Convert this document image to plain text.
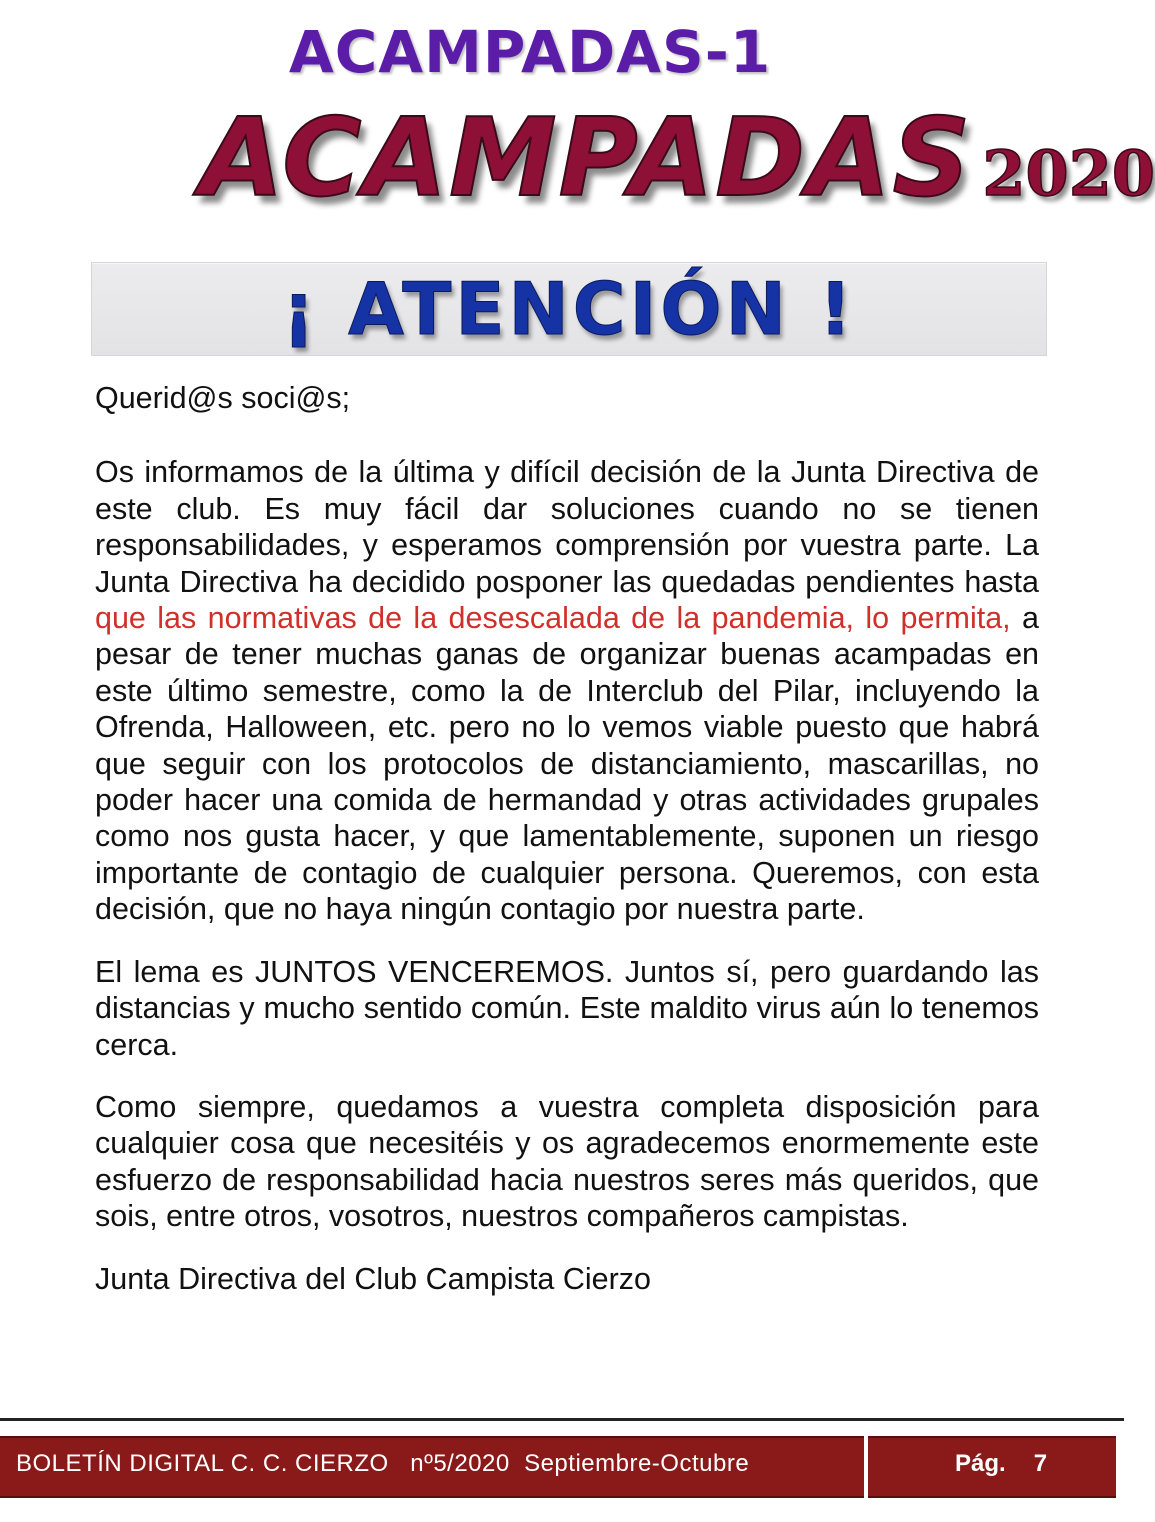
ACAMPADAS-1
ACAMPADAS 2020
¡ ATENCIÓN !

Querid@s soci@s;

Os informamos de la última y difícil decisión de la Junta Directiva de este club. Es muy fácil dar soluciones cuando no se tienen responsabilidades, y esperamos comprensión por vuestra parte. La Junta Directiva ha decidido posponer las quedadas pendientes hasta que las normativas de la desescalada de la pandemia, lo permita, a pesar de tener muchas ganas de organizar buenas acampadas en este último semestre, como la de Interclub del Pilar, incluyendo la Ofrenda, Halloween, etc. pero no lo vemos viable puesto que habrá que seguir con los protocolos de distanciamiento, mascarillas, no poder hacer una comida de hermandad y otras actividades grupales como nos gusta hacer, y que lamentablemente, suponen un riesgo importante de contagio de cualquier persona. Queremos, con esta decisión, que no haya ningún contagio por nuestra parte.

El lema es JUNTOS VENCEREMOS. Juntos sí, pero guardando las distancias y mucho sentido común. Este maldito virus aún lo tenemos cerca.

Como siempre, quedamos a vuestra completa disposición para cualquier cosa que necesitéis y os agradecemos enormemente este esfuerzo de responsabilidad hacia nuestros seres más queridos, que sois, entre otros, vosotros, nuestros compañeros campistas.

Junta Directiva del Club Campista Cierzo

BOLETÍN DIGITAL C. C. CIERZO   nº5/2020  Septiembre-Octubre	Pág. 7
